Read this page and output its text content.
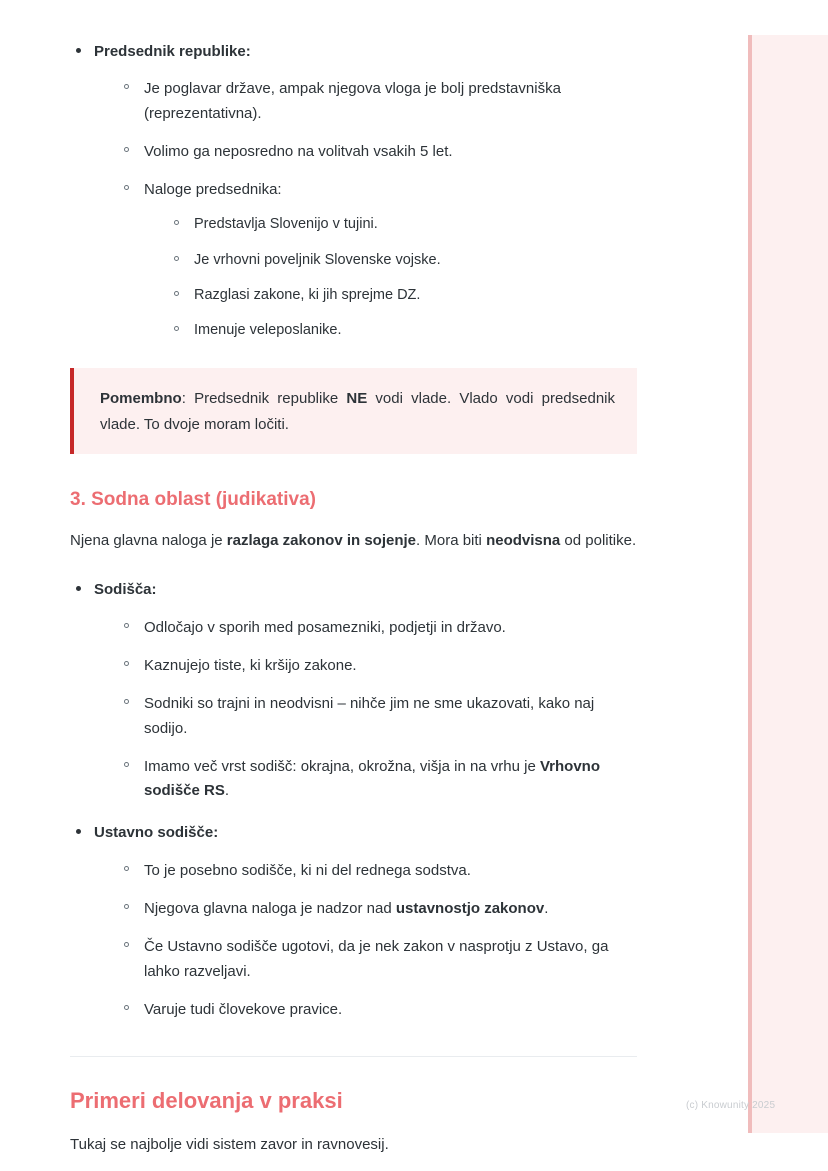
Predsednik republike:
Je poglavar države, ampak njegova vloga je bolj predstavniška (reprezentativna).
Volimo ga neposredno na volitvah vsakih 5 let.
Naloge predsednika:
Predstavlja Slovenijo v tujini.
Je vrhovni poveljnik Slovenske vojske.
Razglasi zakone, ki jih sprejme DZ.
Imenuje veleposlanike.

Pomembno: Predsednik republike NE vodi vlade. Vlado vodi predsednik vlade. To dvoje moram ločiti.

3. Sodna oblast (judikativa)

Njena glavna naloga je razlaga zakonov in sojenje. Mora biti neodvisna od politike.

Sodišča:
Odločajo v sporih med posamezniki, podjetji in državo.
Kaznujejo tiste, ki kršijo zakone.
Sodniki so trajni in neodvisni – nihče jim ne sme ukazovati, kako naj sodijo.
Imamo več vrst sodišč: okrajna, okrožna, višja in na vrhu je Vrhovno sodišče RS.
Ustavno sodišče:
To je posebno sodišče, ki ni del rednega sodstva.
Njegova glavna naloga je nadzor nad ustavnostjo zakonov.
Če Ustavno sodišče ugotovi, da je nek zakon v nasprotju z Ustavo, ga lahko razveljavi.
Varuje tudi človekove pravice.
Primeri delovanja v praksi

Tukaj se najbolje vidi sistem zavor in ravnovesij.

(c) Knowunity 2025
